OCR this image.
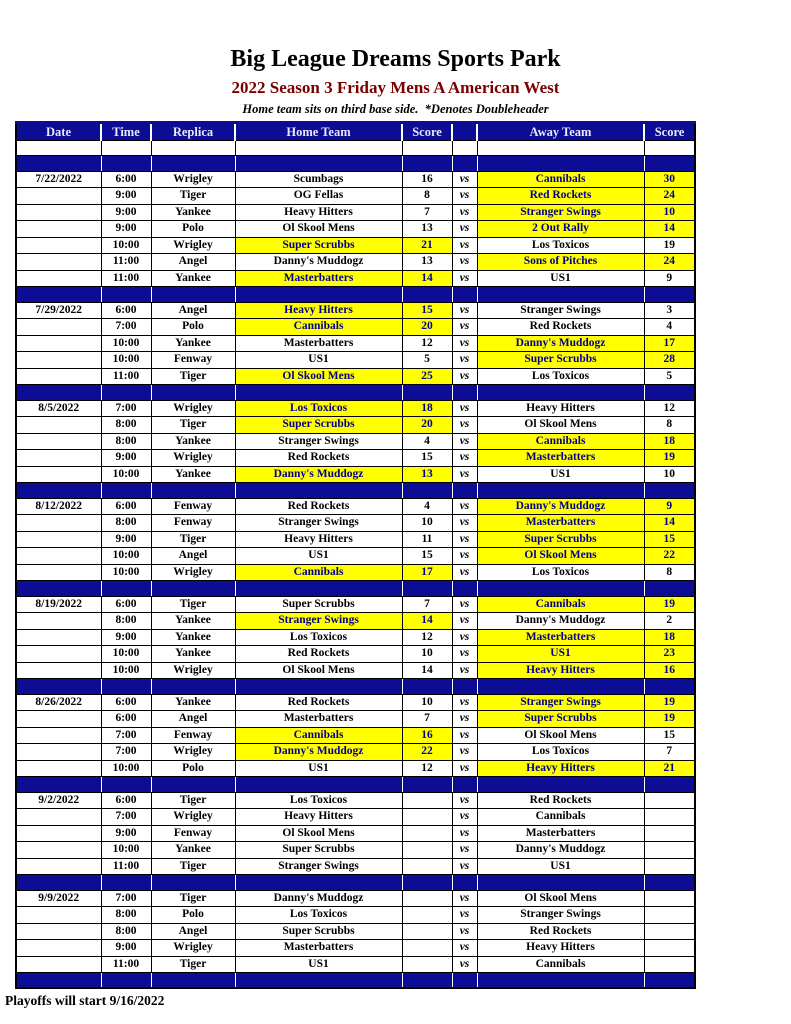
Big League Dreams Sports Park
2022 Season 3 Friday Mens A American West
Home team sits on third base side.  *Denotes Doubleheader
Date	Time	Replica	Home Team	Score		Away Team	Score

7/22/2022	6:00	Wrigley	Scumbags	16	vs	Cannibals	30
	9:00	Tiger	OG Fellas	8	vs	Red Rockets	24
	9:00	Yankee	Heavy Hitters	7	vs	Stranger Swings	10
	9:00	Polo	Ol Skool Mens	13	vs	2 Out Rally	14
	10:00	Wrigley	Super Scrubbs	21	vs	Los Toxicos	19
	11:00	Angel	Danny's Muddogz	13	vs	Sons of Pitches	24
	11:00	Yankee	Masterbatters	14	vs	US1	9

7/29/2022	6:00	Angel	Heavy Hitters	15	vs	Stranger Swings	3
	7:00	Polo	Cannibals	20	vs	Red Rockets	4
	10:00	Yankee	Masterbatters	12	vs	Danny's Muddogz	17
	10:00	Fenway	US1	5	vs	Super Scrubbs	28
	11:00	Tiger	Ol Skool Mens	25	vs	Los Toxicos	5

8/5/2022	7:00	Wrigley	Los Toxicos	18	vs	Heavy Hitters	12
	8:00	Tiger	Super Scrubbs	20	vs	Ol Skool Mens	8
	8:00	Yankee	Stranger Swings	4	vs	Cannibals	18
	9:00	Wrigley	Red Rockets	15	vs	Masterbatters	19
	10:00	Yankee	Danny's Muddogz	13	vs	US1	10

8/12/2022	6:00	Fenway	Red Rockets	4	vs	Danny's Muddogz	9
	8:00	Fenway	Stranger Swings	10	vs	Masterbatters	14
	9:00	Tiger	Heavy Hitters	11	vs	Super Scrubbs	15
	10:00	Angel	US1	15	vs	Ol Skool Mens	22
	10:00	Wrigley	Cannibals	17	vs	Los Toxicos	8

8/19/2022	6:00	Tiger	Super Scrubbs	7	vs	Cannibals	19
	8:00	Yankee	Stranger Swings	14	vs	Danny's Muddogz	2
	9:00	Yankee	Los Toxicos	12	vs	Masterbatters	18
	10:00	Yankee	Red Rockets	10	vs	US1	23
	10:00	Wrigley	Ol Skool Mens	14	vs	Heavy Hitters	16

8/26/2022	6:00	Yankee	Red Rockets	10	vs	Stranger Swings	19
	6:00	Angel	Masterbatters	7	vs	Super Scrubbs	19
	7:00	Fenway	Cannibals	16	vs	Ol Skool Mens	15
	7:00	Wrigley	Danny's Muddogz	22	vs	Los Toxicos	7
	10:00	Polo	US1	12	vs	Heavy Hitters	21

9/2/2022	6:00	Tiger	Los Toxicos		vs	Red Rockets	
	7:00	Wrigley	Heavy Hitters		vs	Cannibals	
	9:00	Fenway	Ol Skool Mens		vs	Masterbatters	
	10:00	Yankee	Super Scrubbs		vs	Danny's Muddogz	
	11:00	Tiger	Stranger Swings		vs	US1	

9/9/2022	7:00	Tiger	Danny's Muddogz		vs	Ol Skool Mens	
	8:00	Polo	Los Toxicos		vs	Stranger Swings	
	8:00	Angel	Super Scrubbs		vs	Red Rockets	
	9:00	Wrigley	Masterbatters		vs	Heavy Hitters	
	11:00	Tiger	US1		vs	Cannibals	

Playoffs will start 9/16/2022
